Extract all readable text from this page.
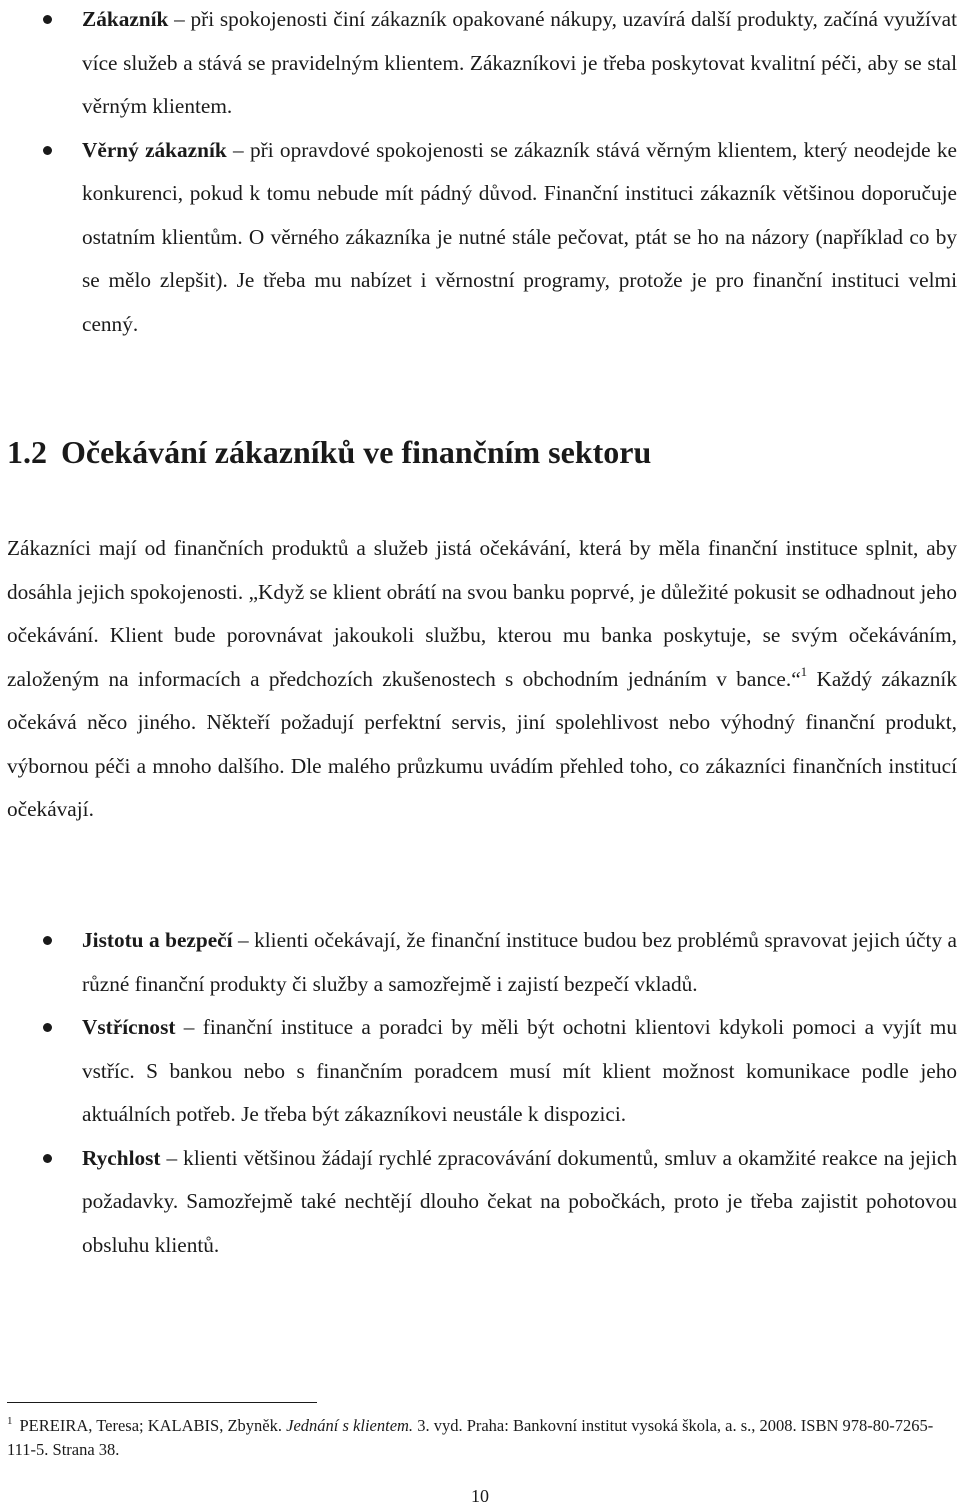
Zákazník – při spokojenosti činí zákazník opakované nákupy, uzavírá další produkty, začíná využívat více služeb a stává se pravidelným klientem. Zákazníkovi je třeba poskytovat kvalitní péči, aby se stal věrným klientem.
Věrný zákazník – při opravdové spokojenosti se zákazník stává věrným klientem, který neodejde ke konkurenci, pokud k tomu nebude mít pádný důvod. Finanční instituci zákazník většinou doporučuje ostatním klientům. O věrného zákazníka je nutné stále pečovat, ptát se ho na názory (například co by se mělo zlepšit). Je třeba mu nabízet i věrnostní programy, protože je pro finanční instituci velmi cenný.
1.2 Očekávání zákazníků ve finančním sektoru

Zákazníci mají od finančních produktů a služeb jistá očekávání, která by měla finanční instituce splnit, aby dosáhla jejich spokojenosti. „Když se klient obrátí na svou banku poprvé, je důležité pokusit se odhadnout jeho očekávání. Klient bude porovnávat jakoukoli službu, kterou mu banka poskytuje, se svým očekáváním, založeným na informacích a předchozích zkušenostech s obchodním jednáním v bance.“$^1$ Každý zákazník očekává něco jiného. Někteří požadují perfektní servis, jiní spolehlivost nebo výhodný finanční produkt, výbornou péči a mnoho dalšího. Dle malého průzkumu uvádím přehled toho, co zákazníci finančních institucí očekávají.

Jistotu a bezpečí – klienti očekávají, že finanční instituce budou bez problémů spravovat jejich účty a různé finanční produkty či služby a samozřejmě i zajistí bezpečí vkladů.
Vstřícnost – finanční instituce a poradci by měli být ochotni klientovi kdykoli pomoci a vyjít mu vstříc. S bankou nebo s finančním poradcem musí mít klient možnost komunikace podle jeho aktuálních potřeb. Je třeba být zákazníkovi neustále k dispozici.
Rychlost – klienti většinou žádají rychlé zpracovávání dokumentů, smluv a okamžité reakce na jejich požadavky. Samozřejmě také nechtějí dlouho čekat na pobočkách, proto je třeba zajistit pohotovou obsluhu klientů.

$^1$ PEREIRA, Teresa; KALABIS, Zbyněk. Jednání s klientem. 3. vyd. Praha: Bankovní institut vysoká škola, a. s., 2008. ISBN 978-80-7265-111-5. Strana 38.

10
